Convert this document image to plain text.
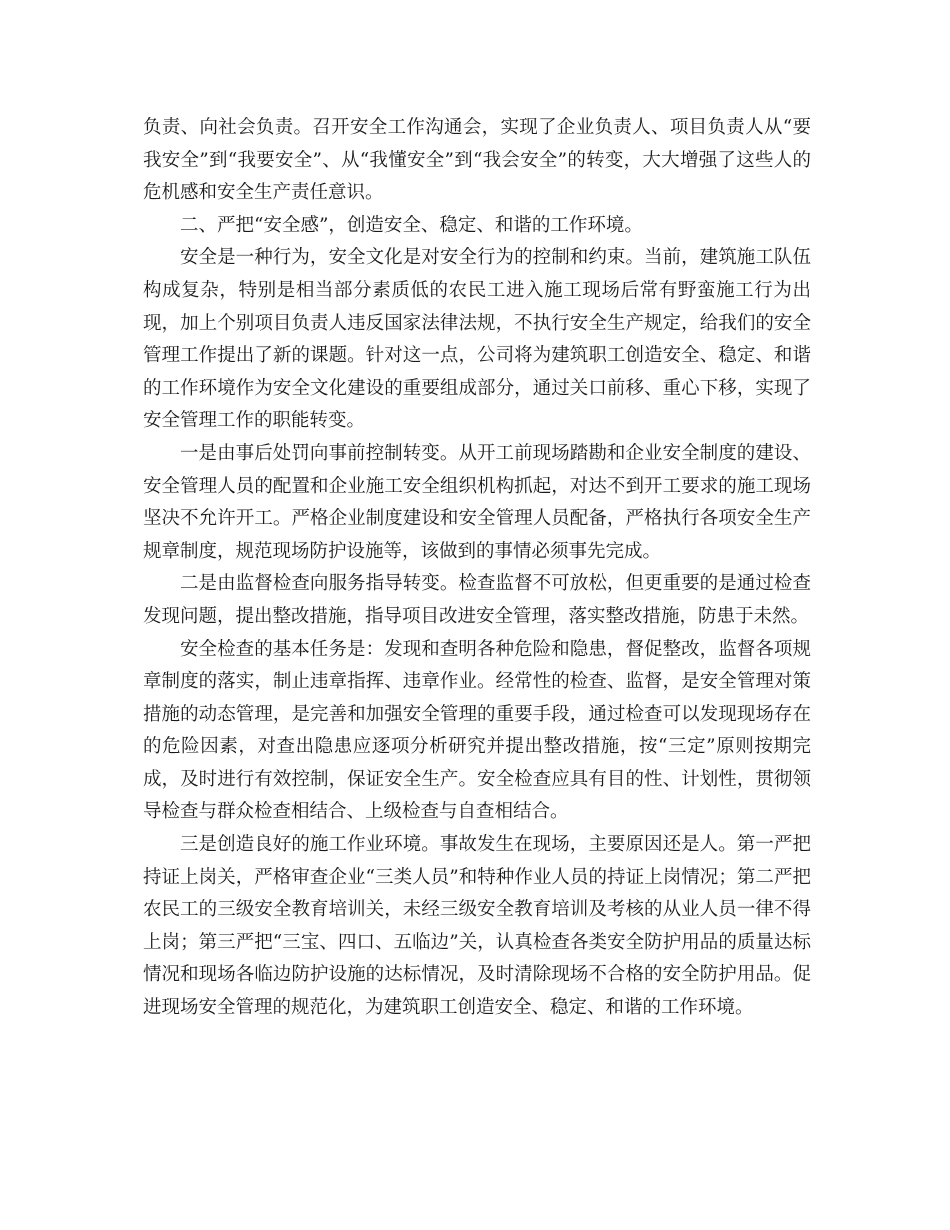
负责、向社会负责。召开安全工作沟通会，实现了企业负责人、项目负责人从“要我安全”到“我要安全”、从“我懂安全”到“我会安全”的转变，大大增强了这些人的危机感和安全生产责任意识。

二、严把“安全感”，创造安全、稳定、和谐的工作环境。

安全是一种行为，安全文化是对安全行为的控制和约束。当前，建筑施工队伍构成复杂，特别是相当部分素质低的农民工进入施工现场后常有野蛮施工行为出现，加上个别项目负责人违反国家法律法规，不执行安全生产规定，给我们的安全管理工作提出了新的课题。针对这一点，公司将为建筑职工创造安全、稳定、和谐的工作环境作为安全文化建设的重要组成部分，通过关口前移、重心下移，实现了安全管理工作的职能转变。

一是由事后处罚向事前控制转变。从开工前现场踏勘和企业安全制度的建设、安全管理人员的配置和企业施工安全组织机构抓起，对达不到开工要求的施工现场坚决不允许开工。严格企业制度建设和安全管理人员配备，严格执行各项安全生产规章制度，规范现场防护设施等，该做到的事情必须事先完成。

二是由监督检查向服务指导转变。检查监督不可放松，但更重要的是通过检查发现问题，提出整改措施，指导项目改进安全管理，落实整改措施，防患于未然。

安全检查的基本任务是：发现和查明各种危险和隐患，督促整改，监督各项规章制度的落实，制止违章指挥、违章作业。经常性的检查、监督，是安全管理对策措施的动态管理，是完善和加强安全管理的重要手段，通过检查可以发现现场存在的危险因素，对查出隐患应逐项分析研究并提出整改措施，按“三定”原则按期完成，及时进行有效控制，保证安全生产。安全检查应具有目的性、计划性，贯彻领导检查与群众检查相结合、上级检查与自查相结合。

三是创造良好的施工作业环境。事故发生在现场，主要原因还是人。第一严把持证上岗关，严格审查企业“三类人员”和特种作业人员的持证上岗情况；第二严把农民工的三级安全教育培训关，未经三级安全教育培训及考核的从业人员一律不得上岗；第三严把“三宝、四口、五临边”关，认真检查各类安全防护用品的质量达标情况和现场各临边防护设施的达标情况，及时清除现场不合格的安全防护用品。促进现场安全管理的规范化，为建筑职工创造安全、稳定、和谐的工作环境。
